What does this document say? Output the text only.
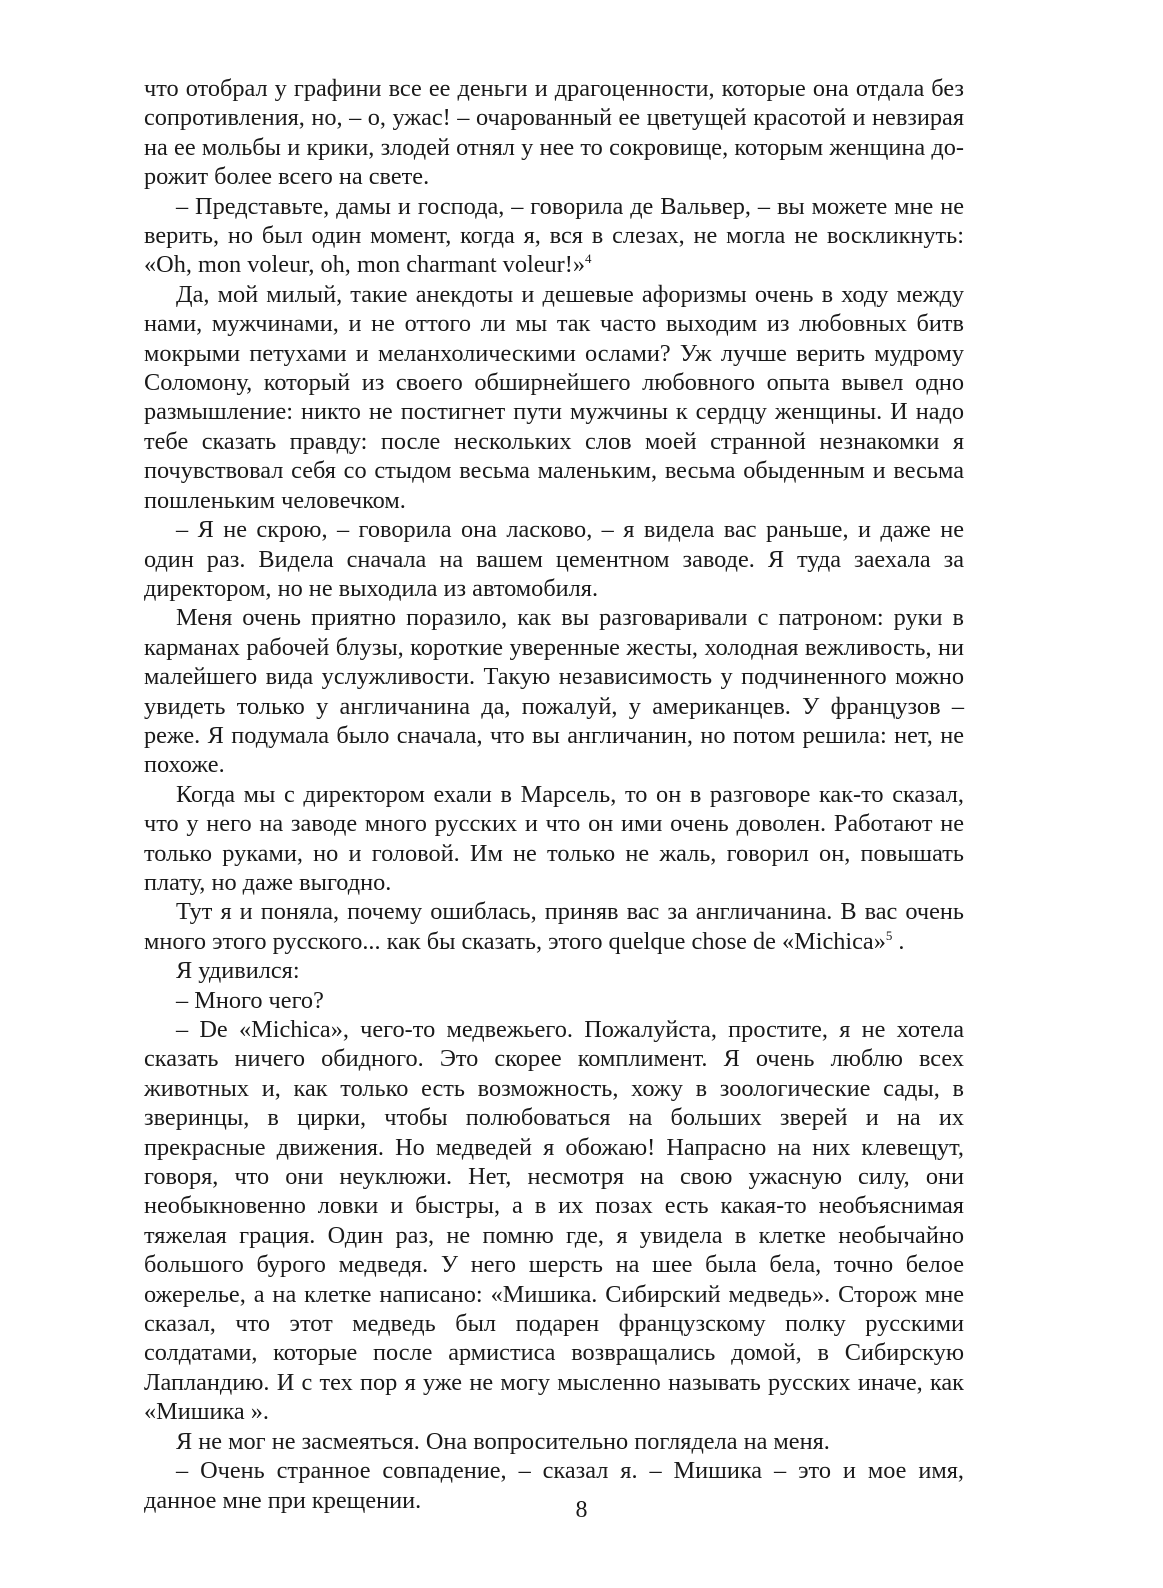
что отобрал у графини все ее деньги и драгоценности, которые она отдала без сопротивления, но, – о, ужас! – очарованный ее цветущей красотой и невзирая на ее мольбы и крики, злодей отнял у нее то сокровище, которым женщина дорожит более всего на свете.

– Представьте, дамы и господа, – говорила де Вальвер, – вы можете мне не верить, но был один момент, когда я, вся в слезах, не могла не воскликнуть: «Oh, mon voleur, oh, mon charmant voleur!»$^4$

Да, мой милый, такие анекдоты и дешевые афоризмы очень в ходу между нами, мужчинами, и не оттого ли мы так часто выходим из любовных битв мокрыми петухами и меланхолическими ослами? Уж лучше верить мудрому Соломону, который из своего обширнейшего любовного опыта вывел одно размышление: никто не постигнет пути мужчины к сердцу женщины. И надо тебе сказать правду: после нескольких слов моей странной незнакомки я почувствовал себя со стыдом весьма маленьким, весьма обыденным и весьма пошленьким человечком.

– Я не скрою, – говорила она ласково, – я видела вас раньше, и даже не один раз. Видела сначала на вашем цементном заводе. Я туда заехала за директором, но не выходила из автомобиля.

Меня очень приятно поразило, как вы разговаривали с патроном: руки в карманах рабочей блузы, короткие уверенные жесты, холодная вежливость, ни малейшего вида услужливости. Такую независимость у подчиненного можно увидеть только у англичанина да, пожалуй, у американцев. У французов – реже. Я подумала было сначала, что вы англичанин, но потом решила: нет, не похоже.

Когда мы с директором ехали в Марсель, то он в разговоре как-то сказал, что у него на заводе много русских и что он ими очень доволен. Работают не только руками, но и головой. Им не только не жаль, говорил он, повышать плату, но даже выгодно.

Тут я и поняла, почему ошиблась, приняв вас за англичанина. В вас очень много этого русского... как бы сказать, этого quelque chose de «Michica»$^5$ .

Я удивился:

– Много чего?

– De «Michica», чего-то медвежьего. Пожалуйста, простите, я не хотела сказать ничего обидного. Это скорее комплимент. Я очень люблю всех животных и, как только есть возможность, хожу в зоологические сады, в зверинцы, в цирки, чтобы полюбоваться на больших зверей и на их прекрасные движения. Но медведей я обожаю! Напрасно на них клевещут, говоря, что они неуклюжи. Нет, несмотря на свою ужасную силу, они необыкновенно ловки и быстры, а в их позах есть какая-то необъяснимая тяжелая грация. Один раз, не помню где, я увидела в клетке необычайно большого бурого медведя. У него шерсть на шее была бела, точно белое ожерелье, а на клетке написано: «Мишика. Сибирский медведь». Сторож мне сказал, что этот медведь был подарен французскому полку русскими солдатами, которые после армистиса возвращались домой, в Сибирскую Лапландию. И с тех пор я уже не могу мысленно называть русских иначе, как «Мишика ».

Я не мог не засмеяться. Она вопросительно поглядела на меня.

– Очень странное совпадение, – сказал я. – Мишика – это и мое имя, данное мне при крещении.	8
